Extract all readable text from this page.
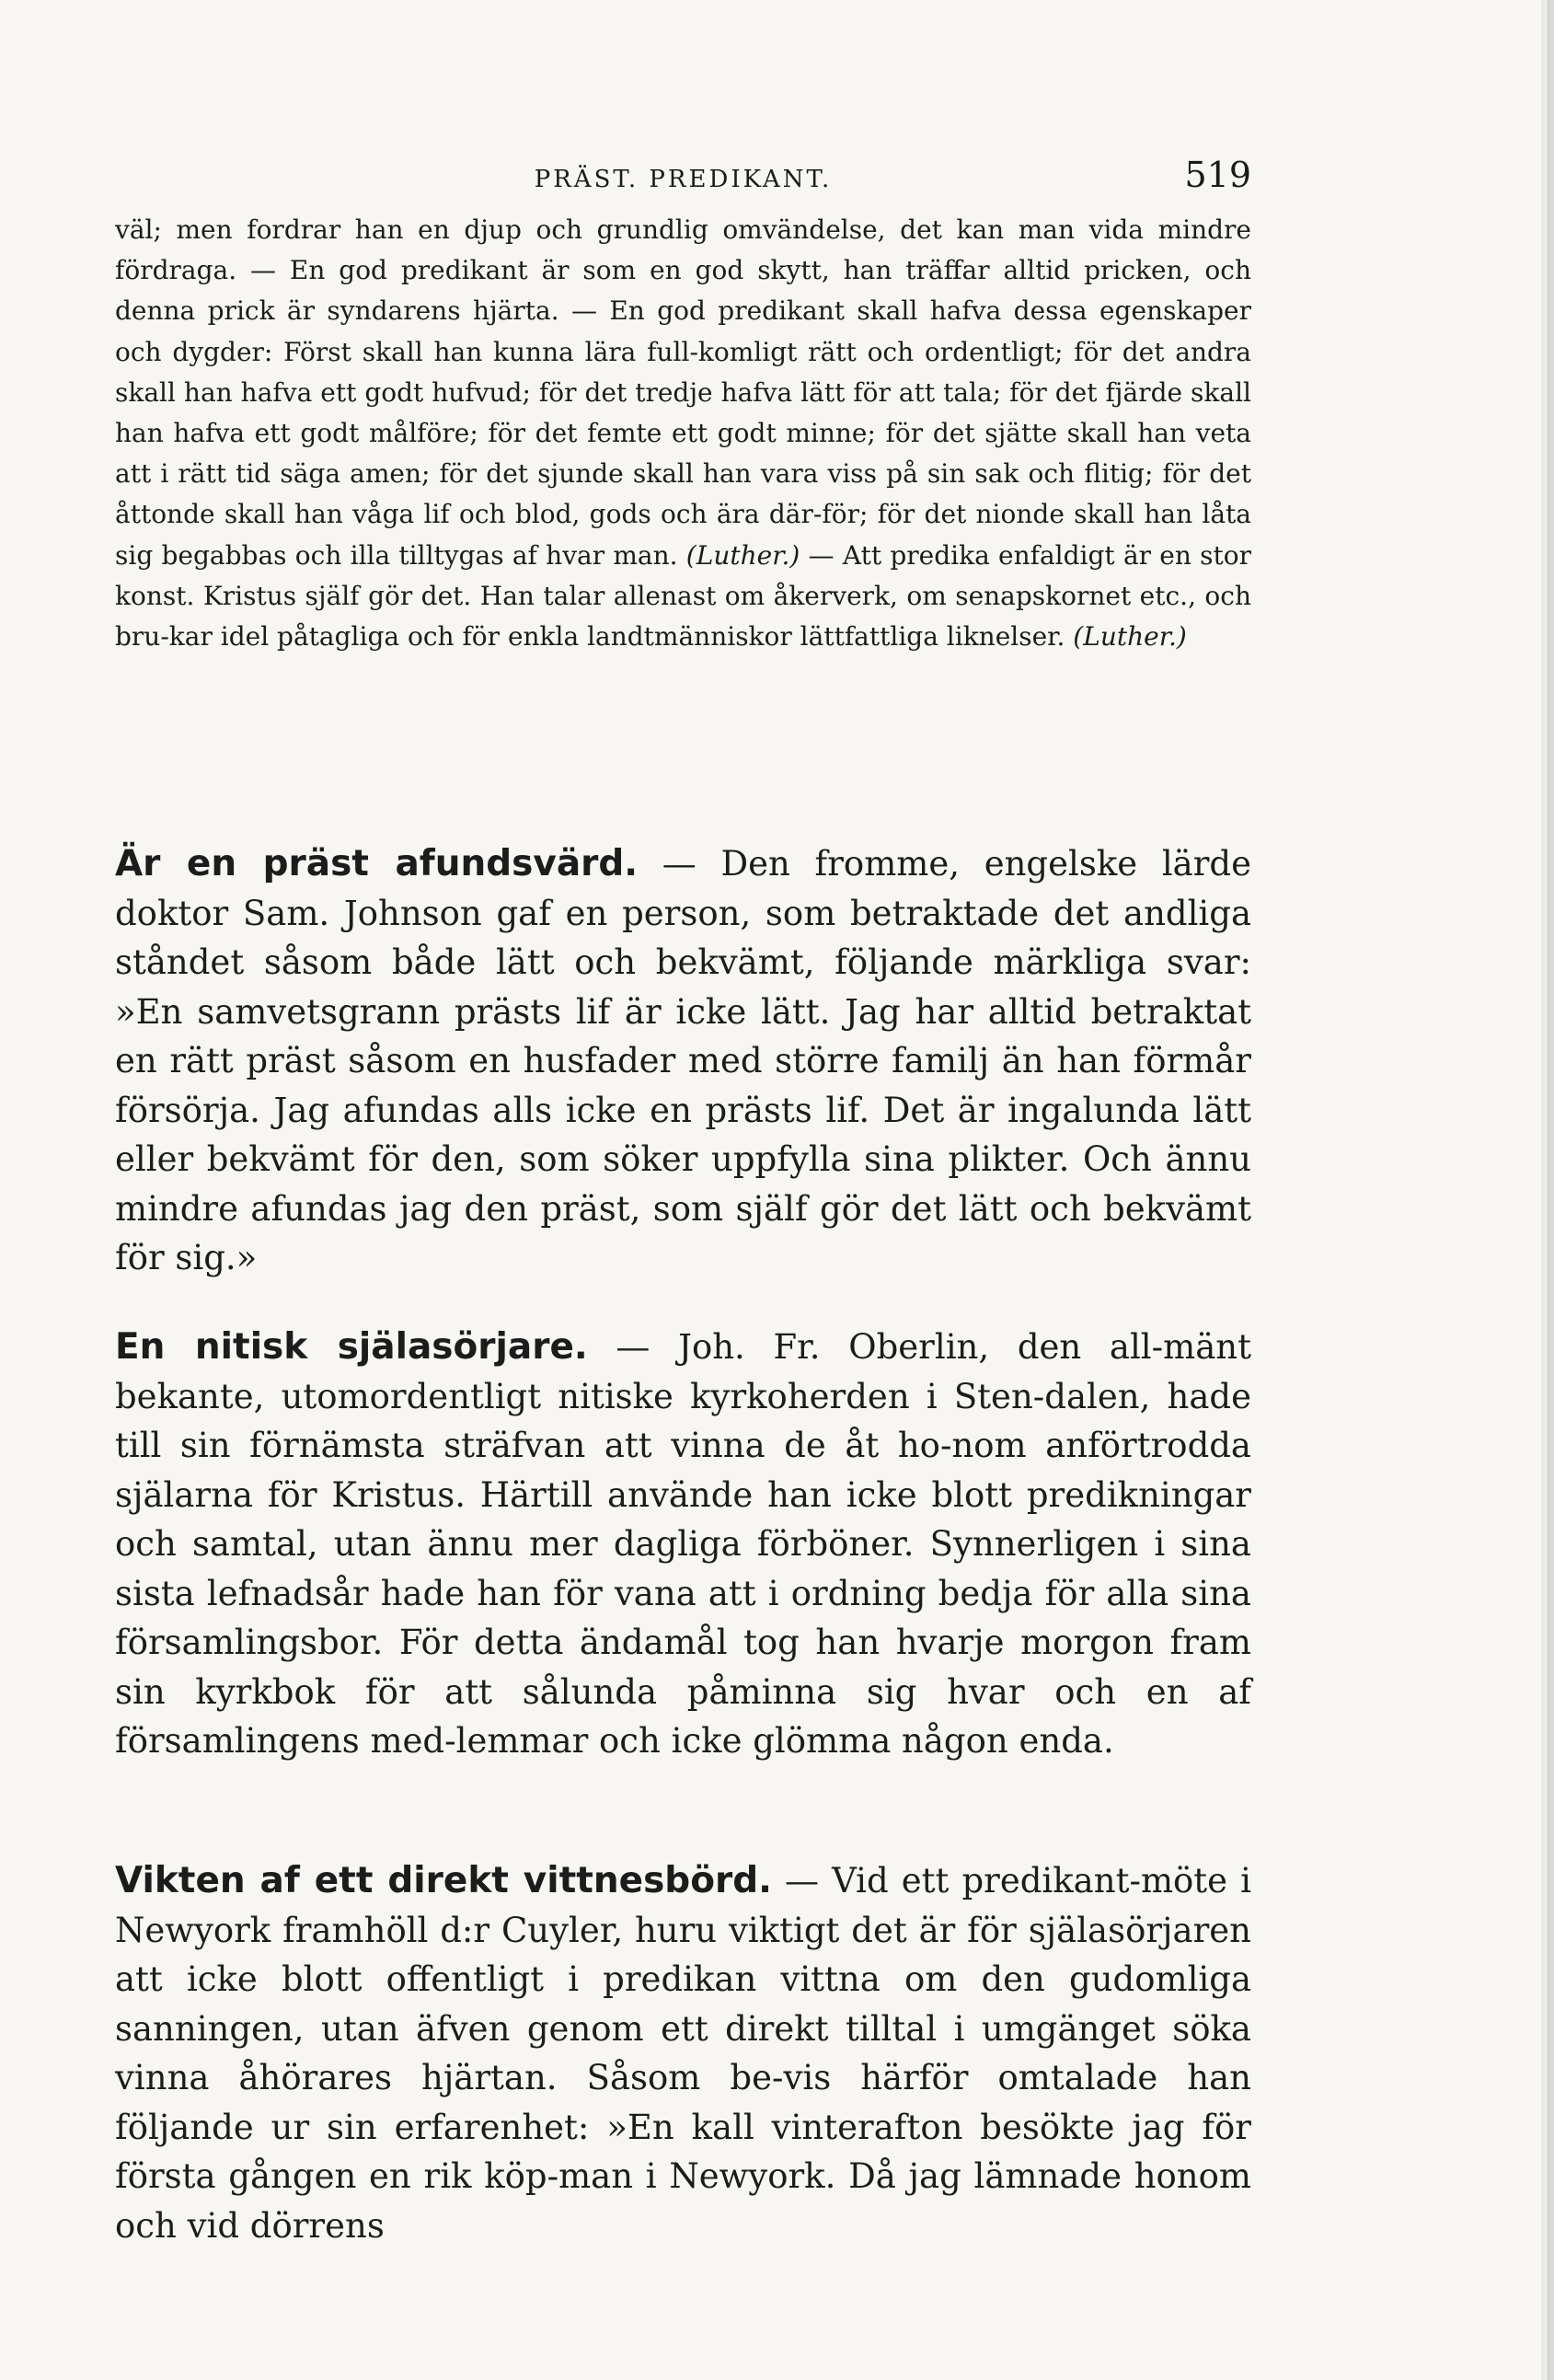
PRÄST. PREDIKANT.	519

väl; men fordrar han en djup och grundlig omvändelse, det kan man vida mindre fördraga. — En god predikant är som en god skytt, han träffar alltid pricken, och denna prick är syndarens hjärta. — En god predikant skall hafva dessa egenskaper och dygder: Först skall han kunna lära full-komligt rätt och ordentligt; för det andra skall han hafva ett godt hufvud; för det tredje hafva lätt för att tala; för det fjärde skall han hafva ett godt målföre; för det femte ett godt minne; för det sjätte skall han veta att i rätt tid säga amen; för det sjunde skall han vara viss på sin sak och flitig; för det åttonde skall han våga lif och blod, gods och ära där-för; för det nionde skall han låta sig begabbas och illa tilltygas af hvar man. (Luther.) — Att predika enfaldigt är en stor konst. Kristus själf gör det. Han talar allenast om åkerverk, om senapskornet etc., och bru-kar idel påtagliga och för enkla landtmänniskor lättfattliga liknelser. (Luther.)

Är en präst afundsvärd. — Den fromme, engelske lärde doktor Sam. Johnson gaf en person, som betraktade det andliga ståndet såsom både lätt och bekvämt, följande märkliga svar: »En samvetsgrann prästs lif är icke lätt. Jag har alltid betraktat en rätt präst såsom en husfader med större familj än han förmår försörja. Jag afundas alls icke en prästs lif. Det är ingalunda lätt eller bekvämt för den, som söker uppfylla sina plikter. Och ännu mindre afundas jag den präst, som själf gör det lätt och bekvämt för sig.»

En nitisk själasörjare. — Joh. Fr. Oberlin, den all-mänt bekante, utomordentligt nitiske kyrkoherden i Sten-dalen, hade till sin förnämsta sträfvan att vinna de åt ho-nom anförtrodda själarna för Kristus. Härtill använde han icke blott predikningar och samtal, utan ännu mer dagliga förböner. Synnerligen i sina sista lefnadsår hade han för vana att i ordning bedja för alla sina församlingsbor. För detta ändamål tog han hvarje morgon fram sin kyrkbok för att sålunda påminna sig hvar och en af församlingens med-lemmar och icke glömma någon enda.

Vikten af ett direkt vittnesbörd. — Vid ett predikant-möte i Newyork framhöll d:r Cuyler, huru viktigt det är för själasörjaren att icke blott offentligt i predikan vittna om den gudomliga sanningen, utan äfven genom ett direkt tilltal i umgänget söka vinna åhörares hjärtan. Såsom be-vis härför omtalade han följande ur sin erfarenhet: »En kall vinterafton besökte jag för första gången en rik köp-man i Newyork. Då jag lämnade honom och vid dörrens
